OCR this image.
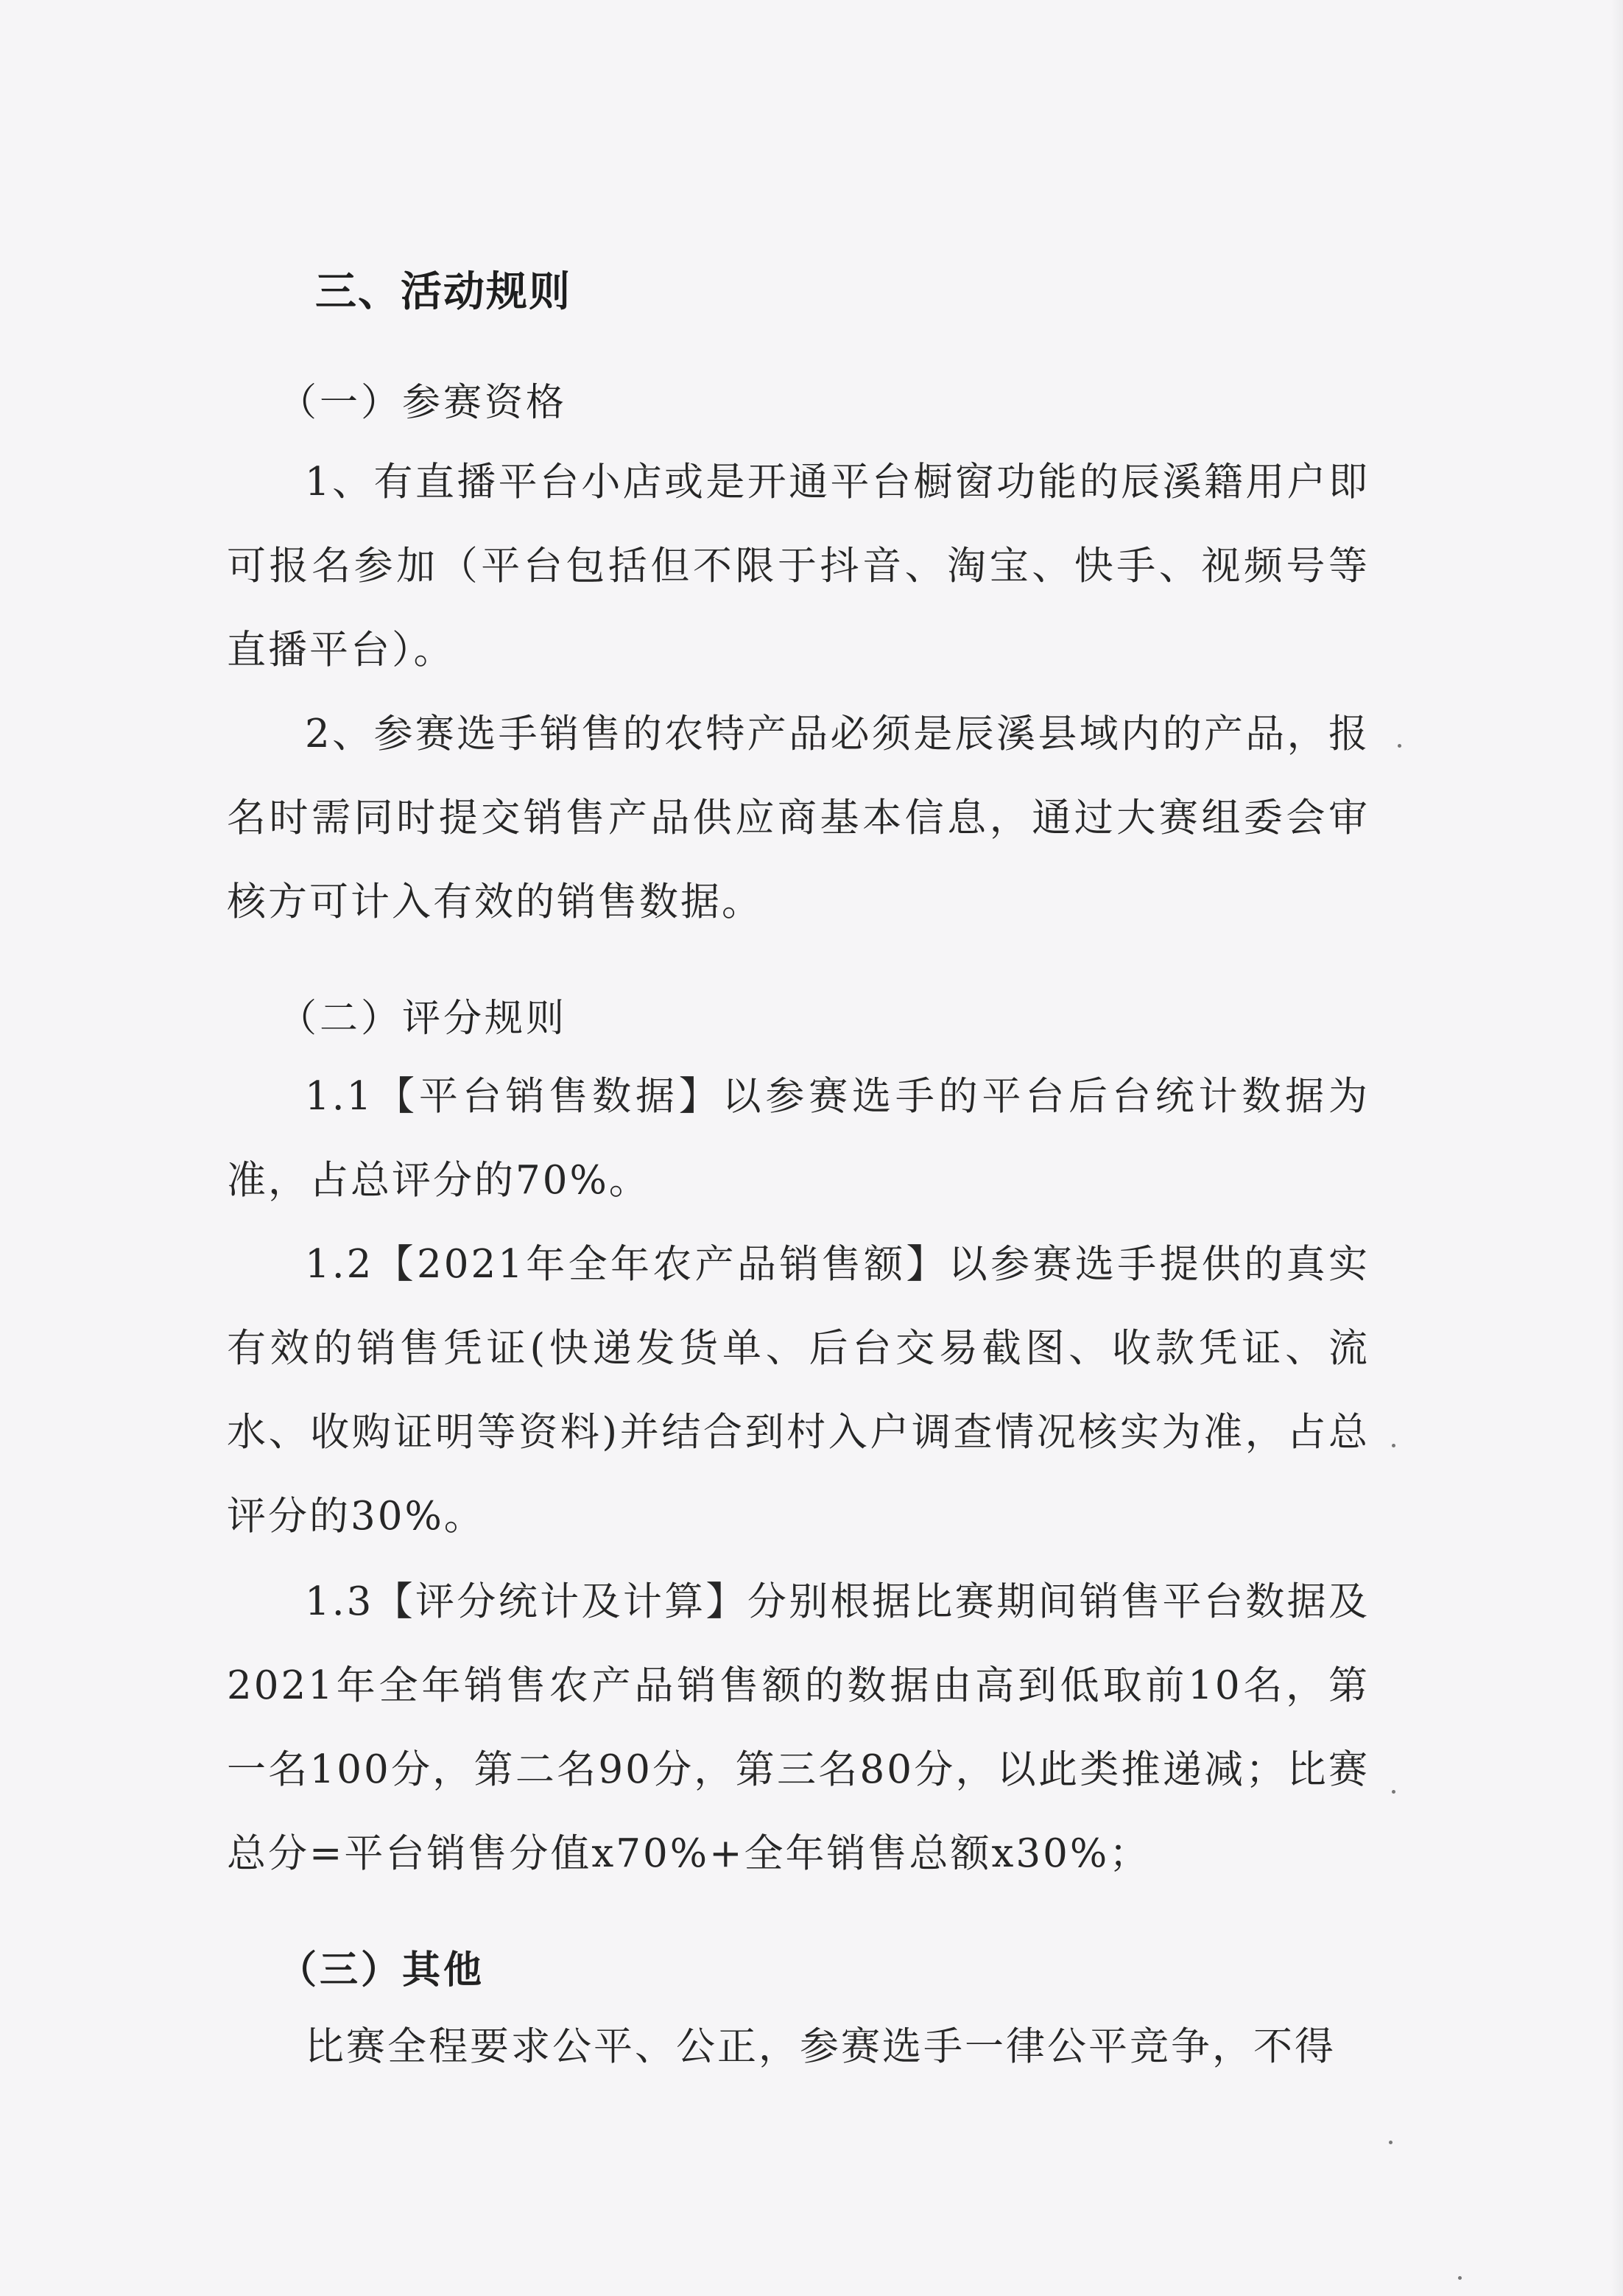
三、活动规则
（一）参赛资格
1、有直播平台小店或是开通平台橱窗功能的辰溪籍用户即可报名参加（平台包括但不限于抖音、淘宝、快手、视频号等直播平台）。
2、参赛选手销售的农特产品必须是辰溪县域内的产品，报名时需同时提交销售产品供应商基本信息，通过大赛组委会审核方可计入有效的销售数据。
（二）评分规则
1.1【平台销售数据】以参赛选手的平台后台统计数据为准，占总评分的70%。
1.2【2021年全年农产品销售额】以参赛选手提供的真实有效的销售凭证(快递发货单、后台交易截图、收款凭证、流水、收购证明等资料)并结合到村入户调查情况核实为准，占总评分的30%。
1.3【评分统计及计算】分别根据比赛期间销售平台数据及2021年全年销售农产品销售额的数据由高到低取前10名，第一名100分，第二名90分，第三名80分，以此类推递减；比赛总分=平台销售分值x70%+全年销售总额x30%；
（三）其他
比赛全程要求公平、公正，参赛选手一律公平竞争，不得
